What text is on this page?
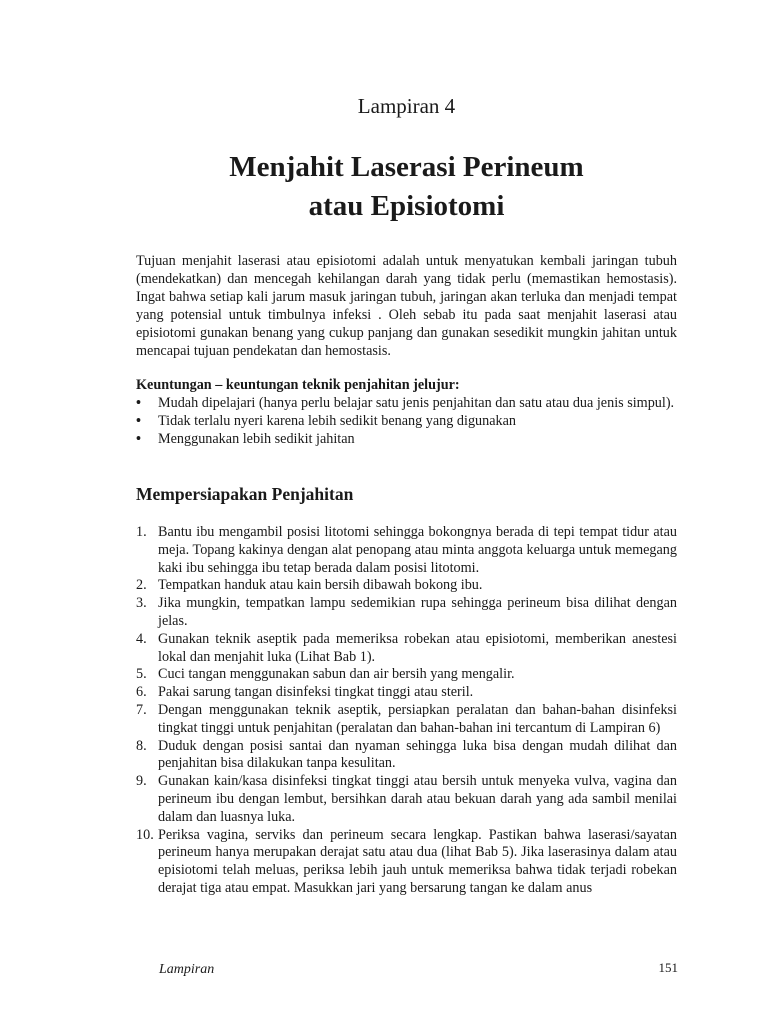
Lampiran 4
Menjahit Laserasi Perineum
atau Episiotomi

Tujuan menjahit laserasi atau episiotomi adalah untuk menyatukan kembali jaringan tubuh (mendekatkan) dan mencegah kehilangan darah yang tidak perlu (memastikan hemostasis). Ingat bahwa setiap kali jarum masuk jaringan tubuh, jaringan akan terluka dan menjadi tempat yang potensial untuk timbulnya infeksi . Oleh sebab itu pada saat menjahit laserasi atau episiotomi gunakan benang yang cukup panjang dan gunakan sesedikit mungkin jahitan untuk mencapai tujuan pendekatan dan hemostasis.

Keuntungan – keuntungan teknik penjahitan jelujur:
• Mudah dipelajari (hanya perlu belajar satu jenis penjahitan dan satu atau dua jenis simpul).
• Tidak terlalu nyeri karena lebih sedikit benang yang digunakan
• Menggunakan lebih sedikit jahitan
Mempersiapakan Penjahitan
1. Bantu ibu mengambil posisi litotomi sehingga bokongnya berada di tepi tempat tidur atau meja. Topang kakinya dengan alat penopang atau minta anggota keluarga untuk memegang kaki ibu sehingga ibu tetap berada dalam posisi litotomi.
2. Tempatkan handuk atau kain bersih dibawah bokong ibu.
3. Jika mungkin, tempatkan lampu sedemikian rupa sehingga perineum bisa dilihat dengan jelas.
4. Gunakan teknik aseptik pada memeriksa robekan atau episiotomi, memberikan anestesi lokal dan menjahit luka (Lihat Bab 1).
5. Cuci tangan menggunakan sabun dan air bersih yang mengalir.
6. Pakai sarung tangan disinfeksi tingkat tinggi atau steril.
7. Dengan menggunakan teknik aseptik, persiapkan peralatan dan bahan-bahan disinfeksi tingkat tinggi untuk penjahitan (peralatan dan bahan-bahan ini tercantum di Lampiran 6)
8. Duduk dengan posisi santai dan nyaman sehingga luka bisa dengan mudah dilihat dan penjahitan bisa dilakukan tanpa kesulitan.
9. Gunakan kain/kasa disinfeksi tingkat tinggi atau bersih untuk menyeka vulva, vagina dan perineum ibu dengan lembut, bersihkan darah atau bekuan darah yang ada sambil menilai dalam dan luasnya luka.
10. Periksa vagina, serviks dan perineum secara lengkap. Pastikan bahwa laserasi/sayatan perineum hanya merupakan derajat satu atau dua (lihat Bab 5). Jika laserasinya dalam atau episiotomi telah meluas, periksa lebih jauh untuk memeriksa bahwa tidak terjadi robekan derajat tiga atau empat. Masukkan jari yang bersarung tangan ke dalam anus
Lampiran	151
